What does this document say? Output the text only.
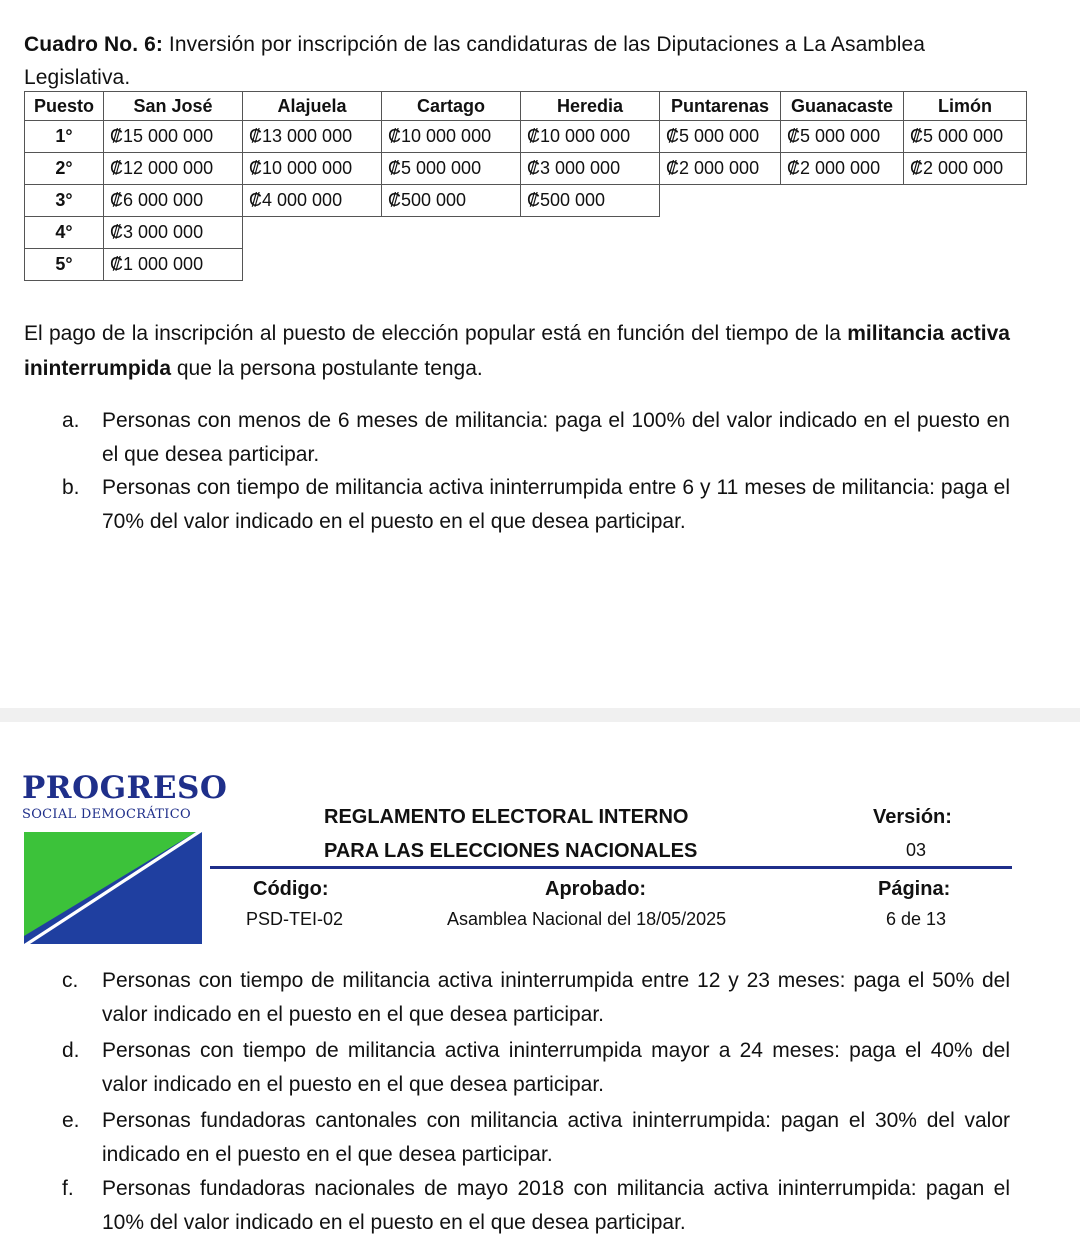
Cuadro No. 6: Inversión por inscripción de las candidaturas de las Diputaciones a La Asamblea Legislativa.
Puesto	San José	Alajuela	Cartago	Heredia	Puntarenas	Guanacaste	Limón
1°	₡15 000 000	₡13 000 000	₡10 000 000	₡10 000 000	₡5 000 000	₡5 000 000	₡5 000 000
2°	₡12 000 000	₡10 000 000	₡5 000 000	₡3 000 000	₡2 000 000	₡2 000 000	₡2 000 000
3°	₡6 000 000	₡4 000 000	₡500 000	₡500 000			
4°	₡3 000 000						
5°	₡1 000 000						
El pago de la inscripción al puesto de elección popular está en función del tiempo de la militancia activa ininterrumpida que la persona postulante tenga.
a.	Personas con menos de 6 meses de militancia: paga el 100% del valor indicado en el puesto en el que desea participar.
b.	Personas con tiempo de militancia activa ininterrumpida entre 6 y 11 meses de militancia: paga el 70% del valor indicado en el puesto en el que desea participar.
PROGRESO
SOCIAL DEMOCRÁTICO	REGLAMENTO ELECTORAL INTERNO
PARA LAS ELECCIONES NACIONALES
Versión:
03
Código:
PSD-TEI-02
Aprobado:
Asamblea Nacional del 18/05/2025
Página:
6 de 13
c.	Personas con tiempo de militancia activa ininterrumpida entre 12 y 23 meses: paga el 50% del valor indicado en el puesto en el que desea participar.
d.	Personas con tiempo de militancia activa ininterrumpida mayor a 24 meses: paga el 40% del valor indicado en el puesto en el que desea participar.
e.	Personas fundadoras cantonales con militancia activa ininterrumpida: pagan el 30% del valor indicado en el puesto en el que desea participar.
f.	Personas fundadoras nacionales de mayo 2018 con militancia activa ininterrumpida: pagan el 10% del valor indicado en el puesto en el que desea participar.
